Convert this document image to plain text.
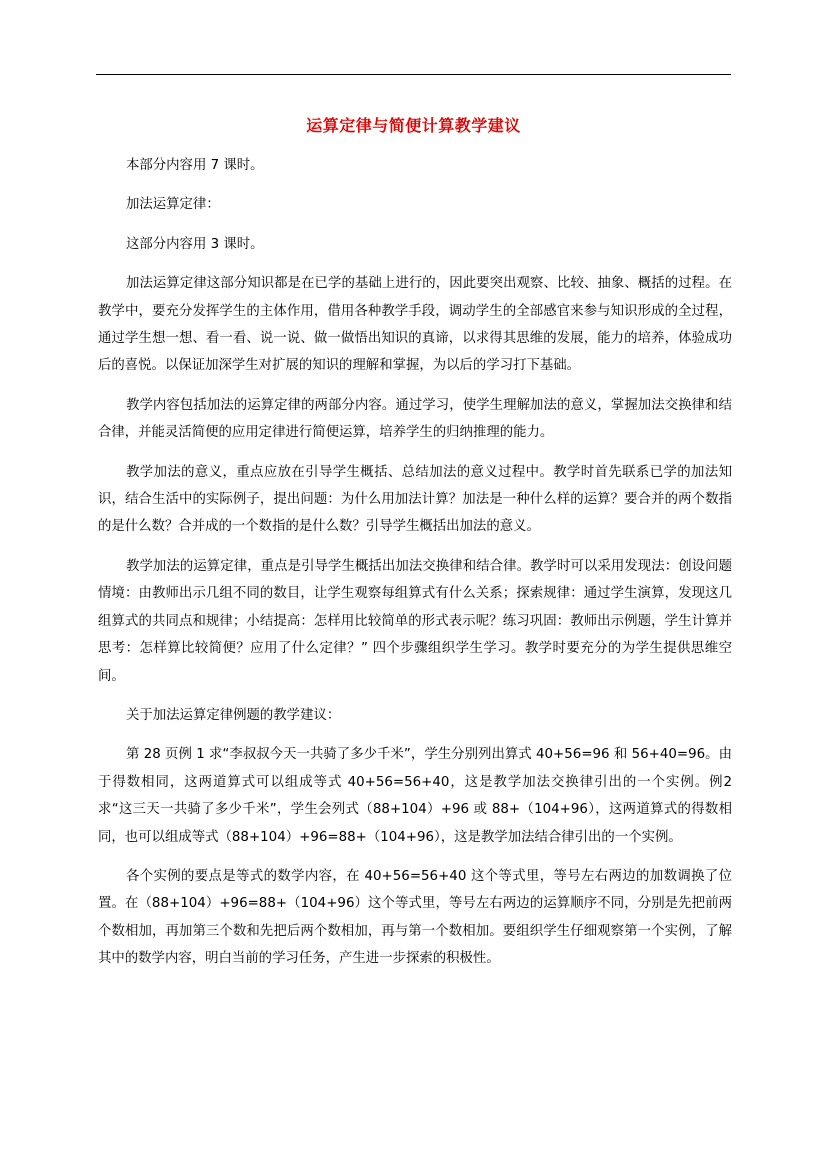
运算定律与简便计算教学建议

本部分内容用 7 课时。

加法运算定律：

这部分内容用 3 课时。

加法运算定律这部分知识都是在已学的基础上进行的，因此要突出观察、比较、抽象、概括的过程。在教学中，要充分发挥学生的主体作用，借用各种教学手段，调动学生的全部感官来参与知识形成的全过程，通过学生想一想、看一看、说一说、做一做悟出知识的真谛，以求得其思维的发展，能力的培养，体验成功后的喜悦。以保证加深学生对扩展的知识的理解和掌握，为以后的学习打下基础。

教学内容包括加法的运算定律的两部分内容。通过学习，使学生理解加法的意义，掌握加法交换律和结合律，并能灵活简便的应用定律进行简便运算，培养学生的归纳推理的能力。

教学加法的意义，重点应放在引导学生概括、总结加法的意义过程中。教学时首先联系已学的加法知识，结合生活中的实际例子，提出问题：为什么用加法计算？加法是一种什么样的运算？要合并的两个数指的是什么数？合并成的一个数指的是什么数？引导学生概括出加法的意义。

教学加法的运算定律，重点是引导学生概括出加法交换律和结合律。教学时可以采用发现法：创设问题情境：由教师出示几组不同的数目，让学生观察每组算式有什么关系；探索规律：通过学生演算，发现这几组算式的共同点和规律；小结提高：怎样用比较简单的形式表示呢？练习巩固：教师出示例题，学生计算并思考：怎样算比较简便？应用了什么定律？” 四个步骤组织学生学习。教学时要充分的为学生提供思维空间。

关于加法运算定律例题的教学建议：

第 28 页例 1 求“李叔叔今天一共骑了多少千米”，学生分别列出算式 40+56=96 和 56+40=96。由于得数相同，这两道算式可以组成等式 40+56=56+40，这是教学加法交换律引出的一个实例。例2 求“这三天一共骑了多少千米”，学生会列式（88+104）+96 或 88+（104+96），这两道算式的得数相同，也可以组成等式（88+104）+96=88+（104+96），这是教学加法结合律引出的一个实例。

各个实例的要点是等式的数学内容，在 40+56=56+40 这个等式里，等号左右两边的加数调换了位置。在（88+104）+96=88+（104+96）这个等式里，等号左右两边的运算顺序不同，分别是先把前两个数相加，再加第三个数和先把后两个数相加，再与第一个数相加。要组织学生仔细观察第一个实例，了解其中的数学内容，明白当前的学习任务，产生进一步探索的积极性。
